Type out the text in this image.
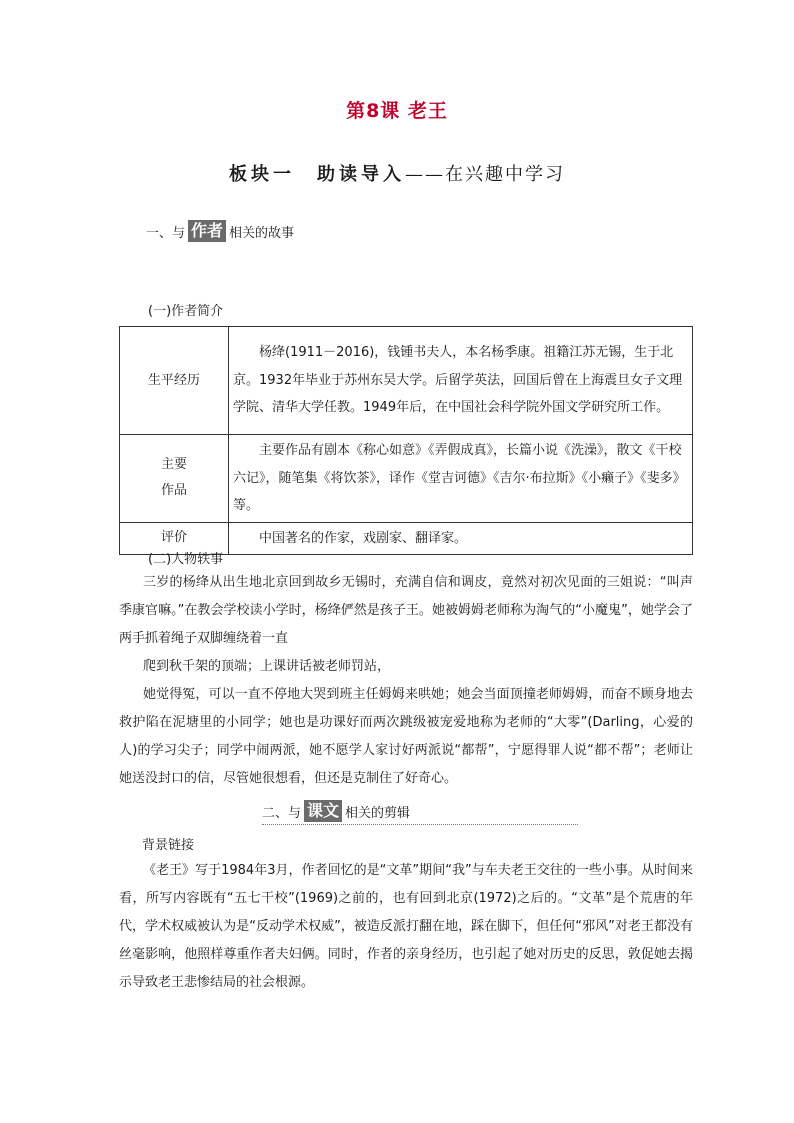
第8课 老王
板块一　助读导入——在兴趣中学习
一、与 作者 相关的故事
(一)作者简介
生平经历	杨绛(1911－2016)，钱锺书夫人，本名杨季康。祖籍江苏无锡，生于北京。1932年毕业于苏州东吴大学。后留学英法，回国后曾在上海震旦女子文理学院、清华大学任教。1949年后，在中国社会科学院外国文学研究所工作。

主要
作品	主要作品有剧本《称心如意》《弄假成真》，长篇小说《洗澡》，散文《干校六记》，随笔集《将饮茶》，译作《堂吉诃德》《吉尔·布拉斯》《小癞子》《斐多》等。
评价	中国著名的作家，戏剧家、翻译家。
(二)人物轶事
三岁的杨绛从出生地北京回到故乡无锡时，充满自信和调皮，竟然对初次见面的三姐说：“叫声季康官嘛。”在教会学校读小学时，杨绛俨然是孩子王。她被姆姆老师称为淘气的“小魔鬼”，她学会了两手抓着绳子双脚缠绕着一直
爬到秋千架的顶端；上课讲话被老师罚站，
她觉得冤，可以一直不停地大哭到班主任姆姆来哄她；她会当面顶撞老师姆姆，而奋不顾身地去救护陷在泥塘里的小同学；她也是功课好而两次跳级被宠爱地称为老师的“大零”(Darling，心爱的人)的学习尖子；同学中闹两派，她不愿学人家讨好两派说“都帮”，宁愿得罪人说“都不帮”；老师让她送没封口的信，尽管她很想看，但还是克制住了好奇心。
二、与 课文 相关的剪辑
背景链接
《老王》写于1984年3月，作者回忆的是“文革”期间“我”与车夫老王交往的一些小事。从时间来看，所写内容既有“五七干校”(1969)之前的，也有回到北京(1972)之后的。“文革”是个荒唐的年代，学术权威被认为是“反动学术权威”，被造反派打翻在地，踩在脚下，但任何“邪风”对老王都没有丝毫影响，他照样尊重作者夫妇俩。同时，作者的亲身经历，也引起了她对历史的反思，敦促她去揭示导致老王悲惨结局的社会根源。
